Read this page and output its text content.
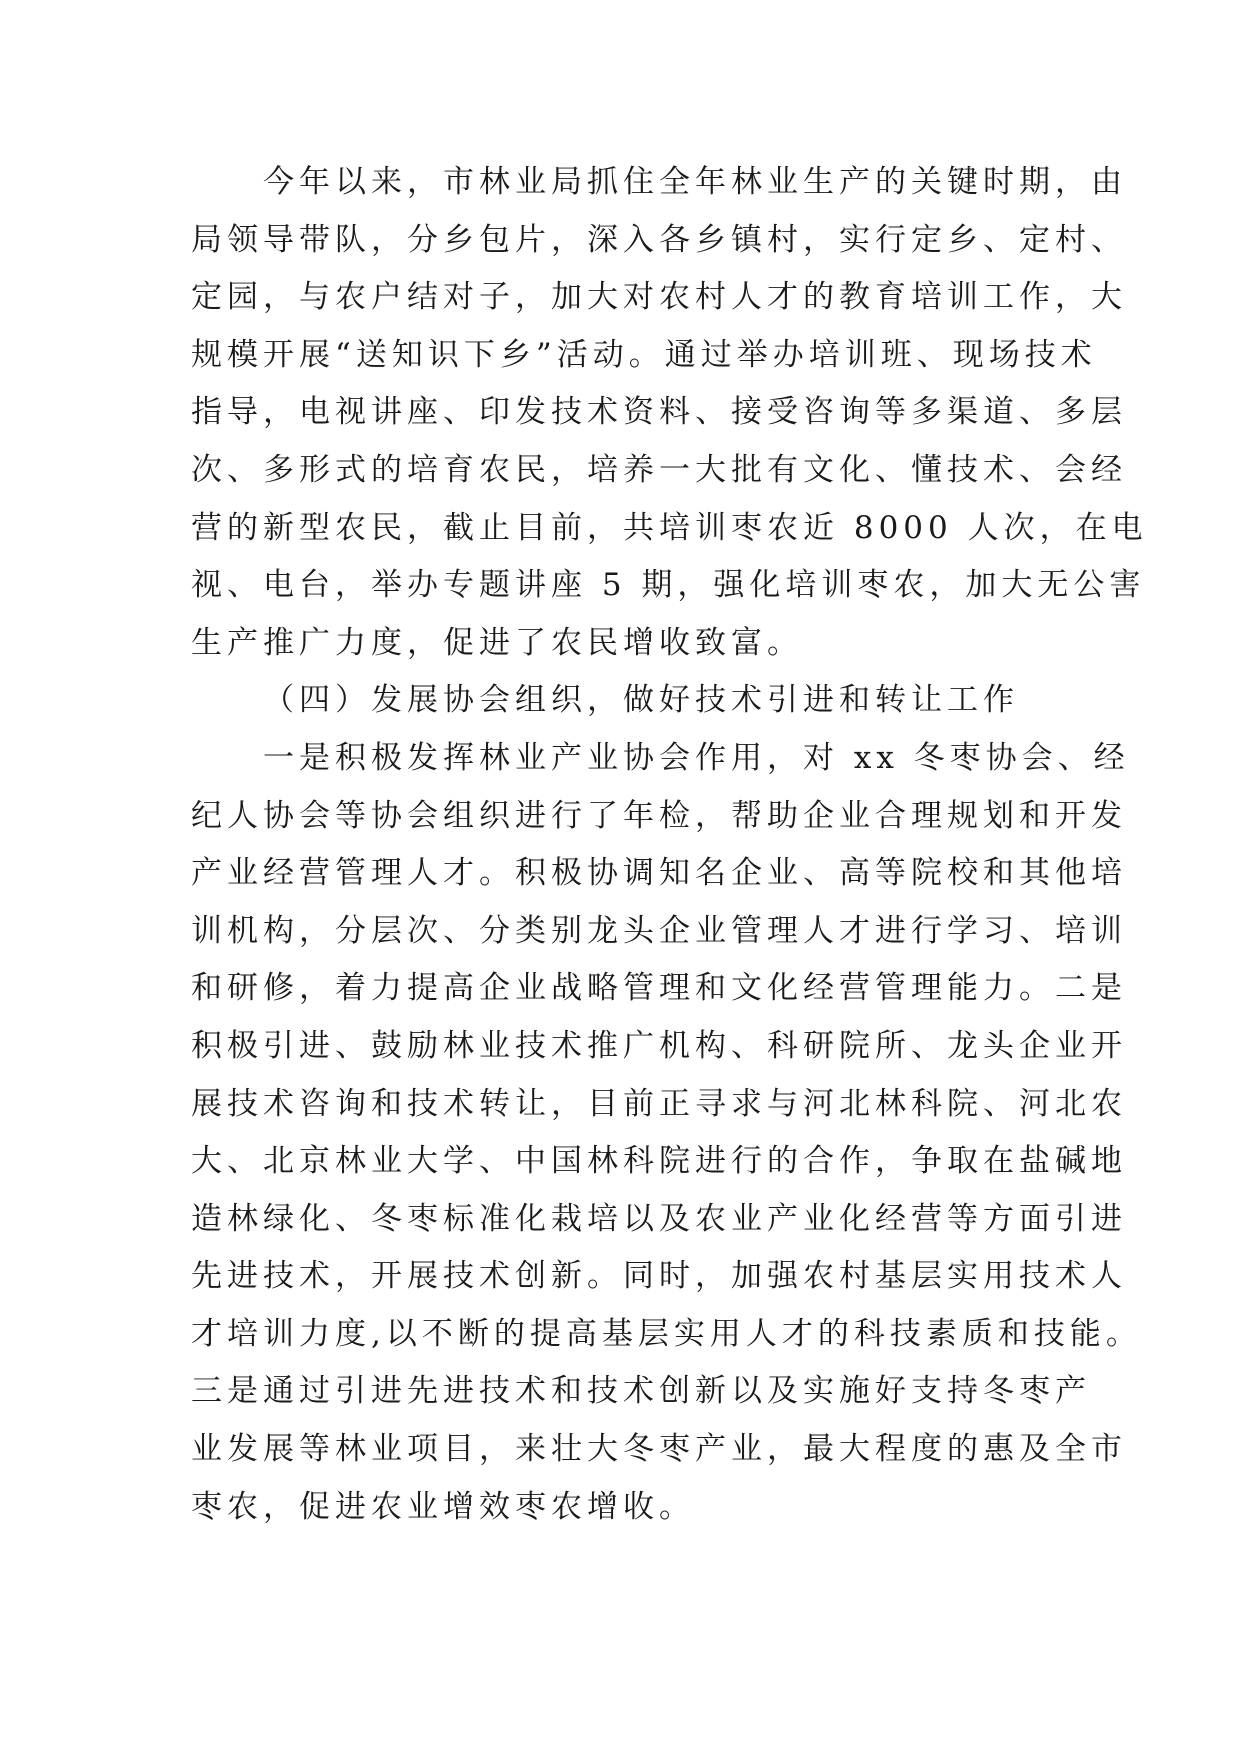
今年以来，市林业局抓住全年林业生产的关键时期，由
局领导带队，分乡包片，深入各乡镇村，实行定乡、定村、
定园，与农户结对子，加大对农村人才的教育培训工作，大
规模开展“送知识下乡”活动。通过举办培训班、现场技术
指导，电视讲座、印发技术资料、接受咨询等多渠道、多层
次、多形式的培育农民，培养一大批有文化、懂技术、会经
营的新型农民，截止目前，共培训枣农近 8000 人次，在电
视、电台，举办专题讲座 5 期，强化培训枣农，加大无公害
生产推广力度，促进了农民增收致富。
（四）发展协会组织，做好技术引进和转让工作
一是积极发挥林业产业协会作用，对 xx 冬枣协会、经
纪人协会等协会组织进行了年检，帮助企业合理规划和开发
产业经营管理人才。积极协调知名企业、高等院校和其他培
训机构，分层次、分类别龙头企业管理人才进行学习、培训
和研修，着力提高企业战略管理和文化经营管理能力。二是
积极引进、鼓励林业技术推广机构、科研院所、龙头企业开
展技术咨询和技术转让，目前正寻求与河北林科院、河北农
大、北京林业大学、中国林科院进行的合作，争取在盐碱地
造林绿化、冬枣标准化栽培以及农业产业化经营等方面引进
先进技术，开展技术创新。同时，加强农村基层实用技术人
才培训力度,以不断的提高基层实用人才的科技素质和技能。
三是通过引进先进技术和技术创新以及实施好支持冬枣产
业发展等林业项目，来壮大冬枣产业，最大程度的惠及全市
枣农，促进农业增效枣农增收。
